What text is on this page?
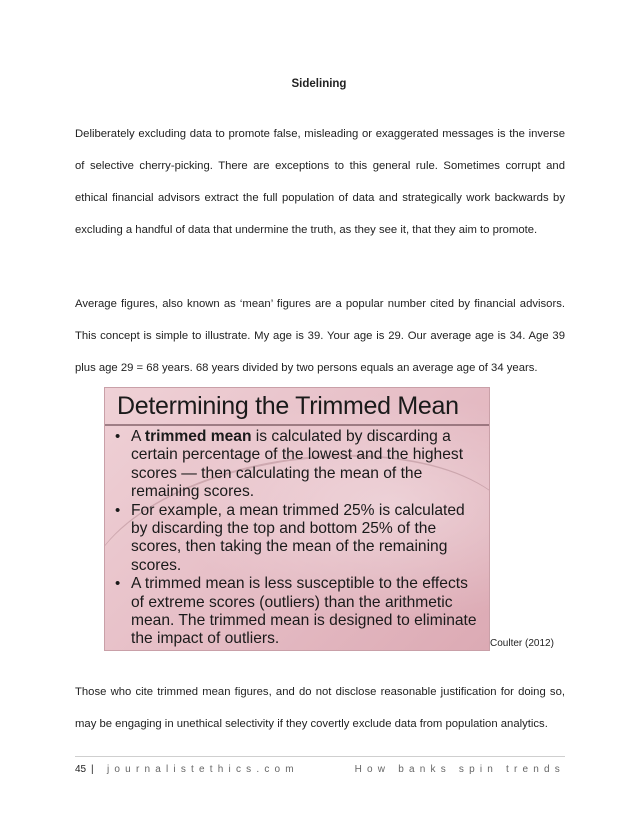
Sidelining
Deliberately excluding data to promote false, misleading or exaggerated messages is the inverse
of selective cherry-picking. There are exceptions to this general rule. Sometimes corrupt and
ethical financial advisors extract the full population of data and strategically work backwards by
excluding a handful of data that undermine the truth, as they see it, that they aim to promote.
Average figures, also known as ‘mean’ figures are a popular number cited by financial advisors.
This concept is simple to illustrate. My age is 39. Your age is 29. Our average age is 34. Age 39
plus age 29 = 68 years. 68 years divided by two persons equals an average age of 34 years.
Determining the Trimmed Mean

• A trimmed mean is calculated by discarding a certain percentage of the lowest and the highest scores — then calculating the mean of the remaining scores.

• For example, a mean trimmed 25% is calculated by discarding the top and bottom 25% of the scores, then taking the mean of the remaining scores.

• A trimmed mean is less susceptible to the effects of extreme scores (outliers) than the arithmetic mean. The trimmed mean is designed to eliminate the impact of outliers.	Coulter (2012)
Those who cite trimmed mean figures, and do not disclose reasonable justification for doing so,
may be engaging in unethical selectivity if they covertly exclude data from population analytics.
45 | journalistethics.com	How banks spin trends
